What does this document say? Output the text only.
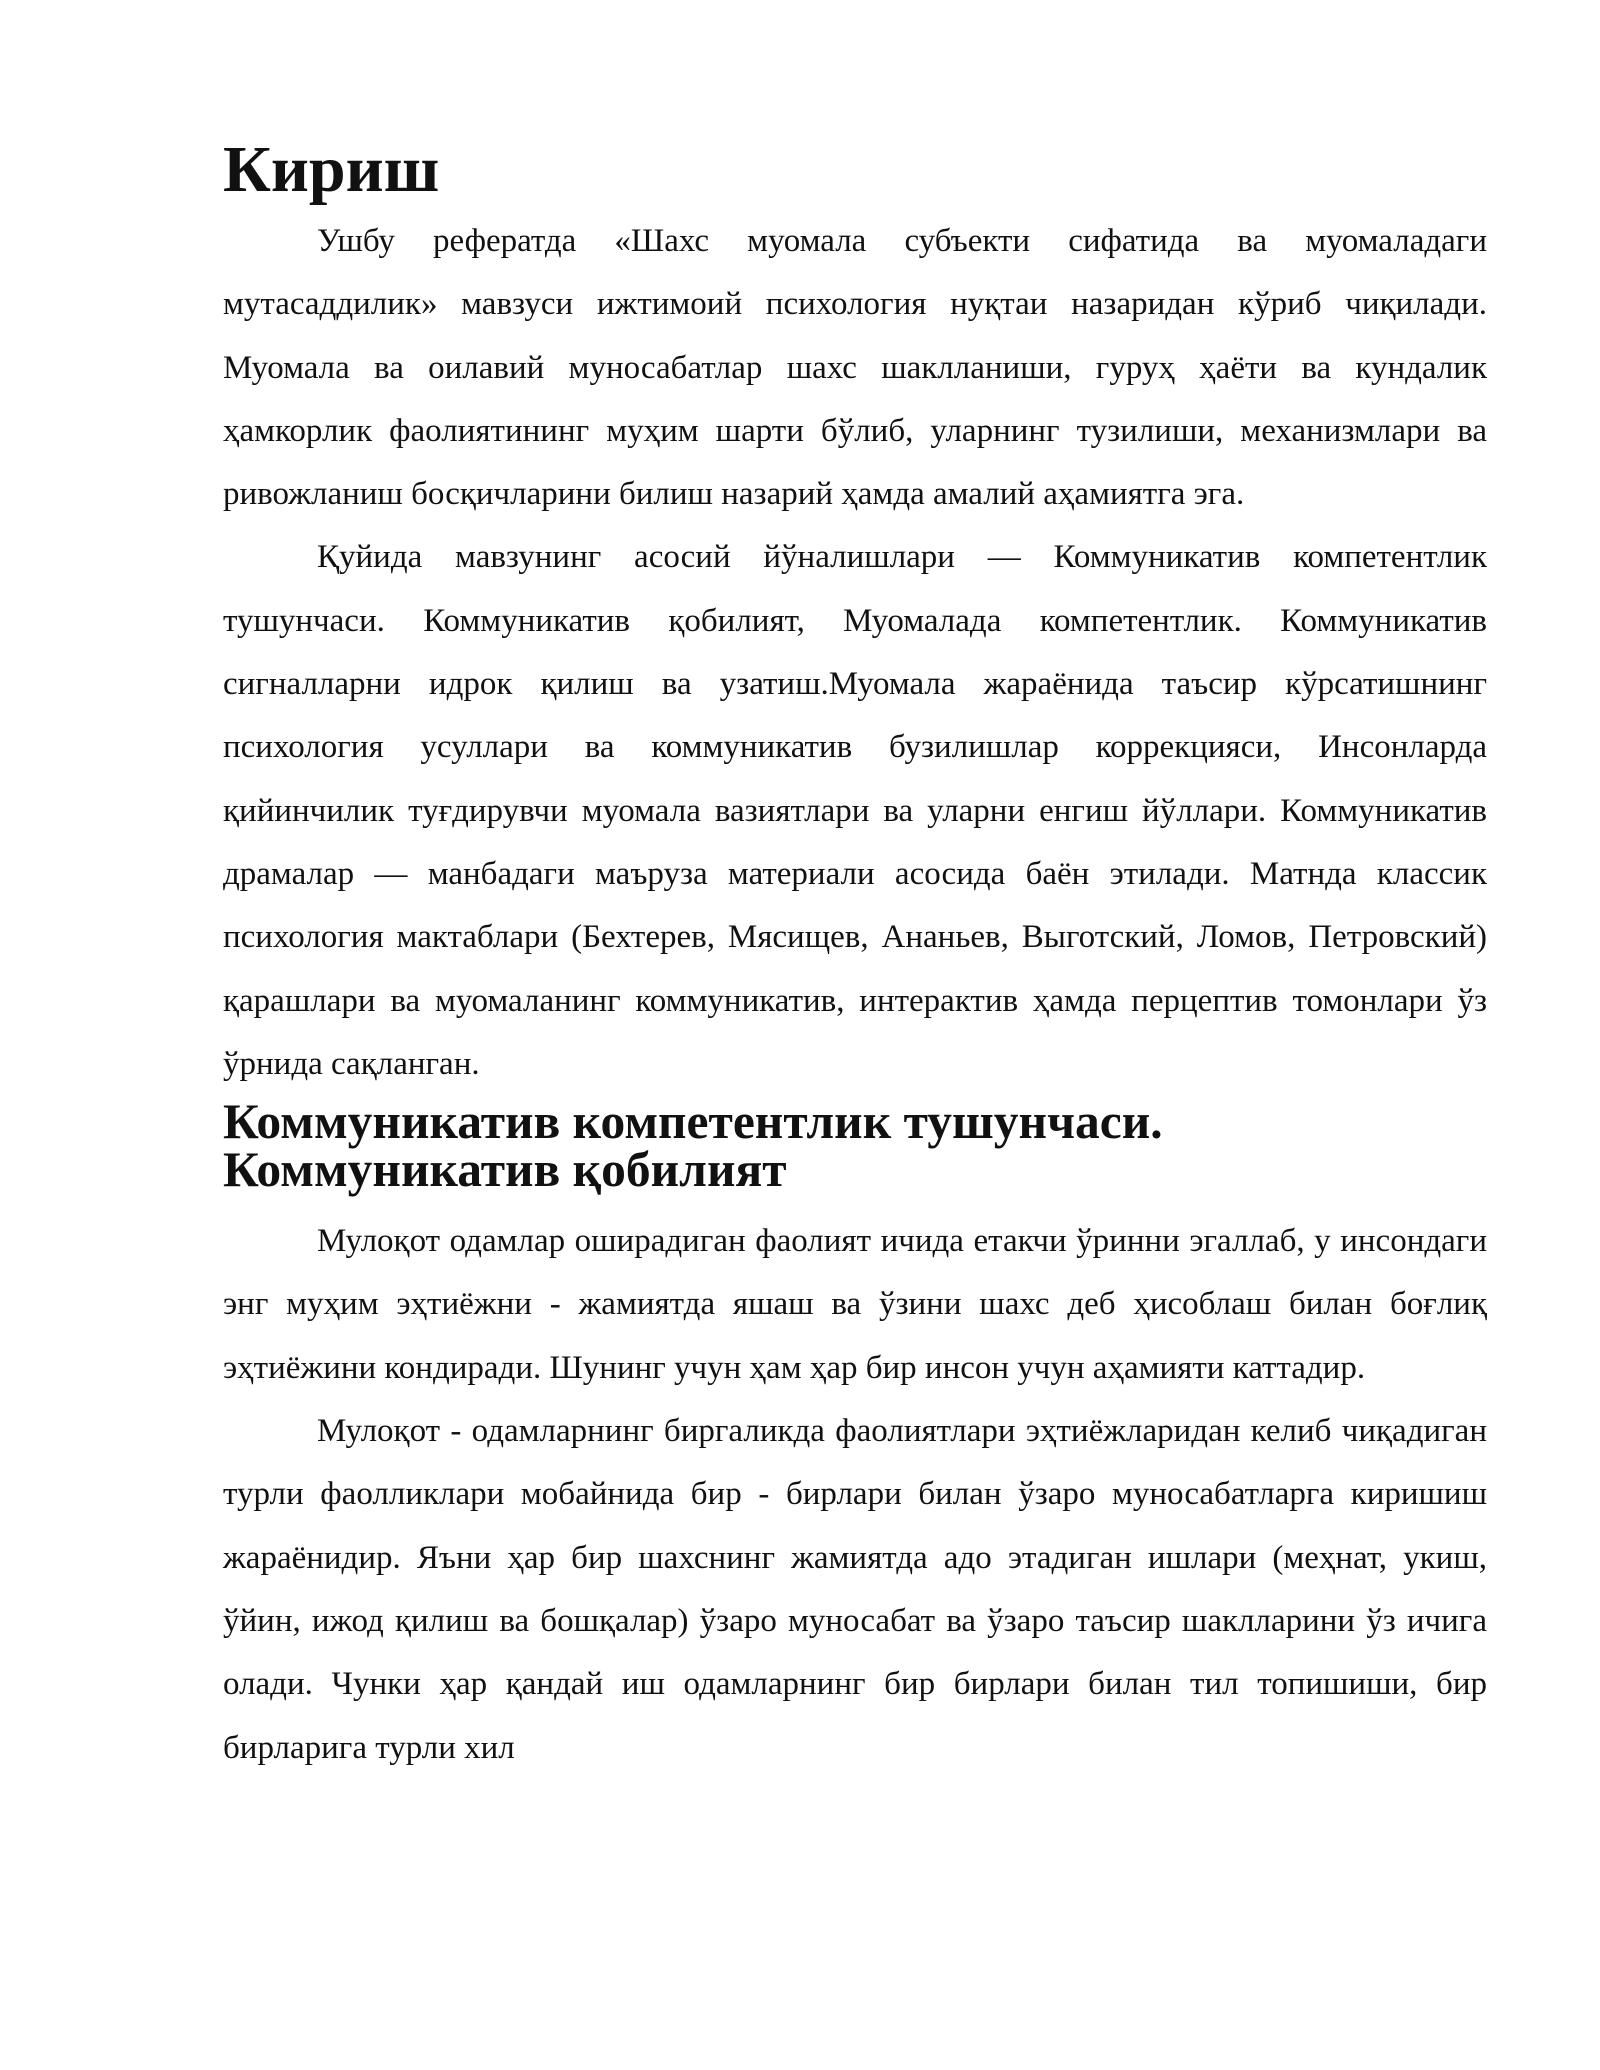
Кириш

Ушбу рефератда «Шахс муомала субъекти сифатида ва муомаладаги мутасаддилик» мавзуси ижтимоий психология нуқтаи назаридан кўриб чиқилади. Муомала ва оилавий муносабатлар шахс шаклланиши, гуруҳ ҳаёти ва кундалик ҳамкорлик фаолиятининг муҳим шарти бўлиб, уларнинг тузилиши, механизмлари ва ривожланиш босқичларини билиш назарий ҳамда амалий аҳамиятга эга.

Қуйида мавзунинг асосий йўналишлари — Коммуникатив компетентлик тушунчаси. Коммуникатив қобилият, Муомалада компетентлик. Коммуникатив сигналларни идрок қилиш ва узатиш.Муомала жараёнида таъсир кўрсатишнинг психология усуллари ва коммуникатив бузилишлар коррекцияси, Инсонларда қийинчилик туғдирувчи муомала вазиятлари ва уларни енгиш йўллари. Коммуникатив драмалар — манбадаги маъруза материали асосида баён этилади. Матнда классик психология мактаблари (Бехтерев, Мясищев, Ананьев, Выготский, Ломов, Петровский) қарашлари ва муомаланинг коммуникатив, интерактив ҳамда перцептив томонлари ўз ўрнида сақланган.

Коммуникатив компетентлик тушунчаси. Коммуникатив қобилият

Мулоқот одамлар оширадиган фаолият ичида етакчи ўринни эгаллаб, у инсондаги энг муҳим эҳтиёжни - жамиятда яшаш ва ўзини шахс деб ҳисоблаш билан боғлиқ эҳтиёжини кондиради. Шунинг учун ҳам ҳар бир инсон учун аҳамияти каттадир.

Мулоқот - одамларнинг биргаликда фаолиятлари эҳтиёжларидан келиб чиқадиган турли фаолликлари мобайнида бир - бирлари билан ўзаро муносабатларга киришиш жараёнидир. Яъни ҳар бир шахснинг жамиятда адо этадиган ишлари (меҳнат, укиш, ўйин, ижод қилиш ва бошқалар) ўзаро муносабат ва ўзаро таъсир шаклларини ўз ичига олади. Чунки ҳар қандай иш одамларнинг бир бирлари билан тил топишиши, бир бирларига турли хил
